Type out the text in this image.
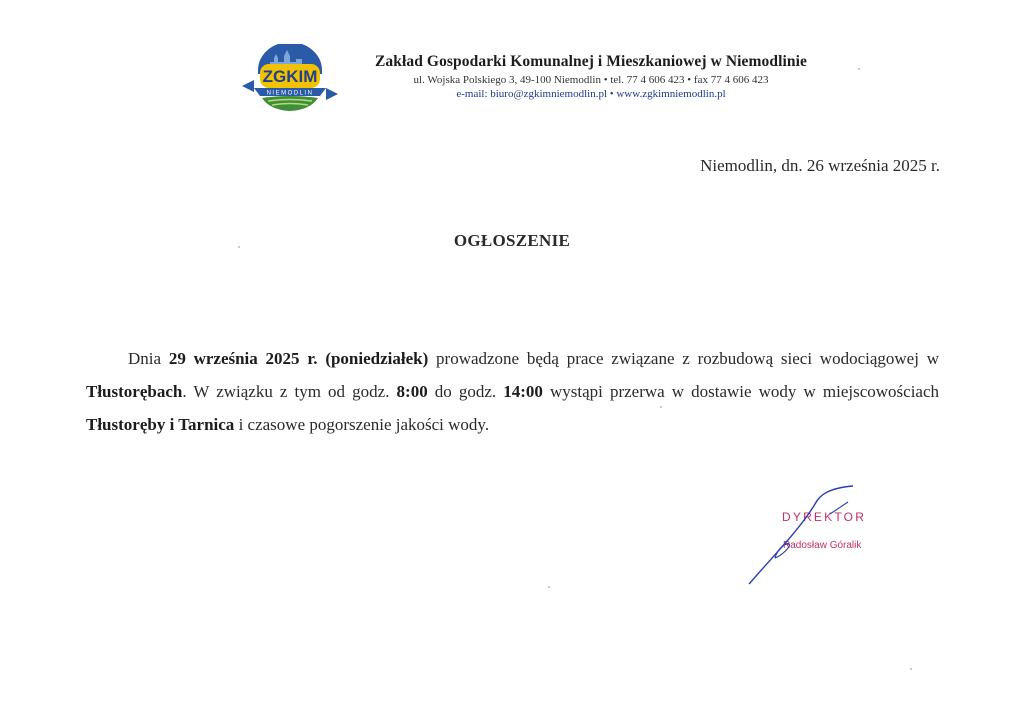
ZGKIM
NIEMODLIN
Zakład Gospodarki Komunalnej i Mieszkaniowej w Niemodlinie
ul. Wojska Polskiego 3, 49-100 Niemodlin • tel. 77 4 606 423 • fax 77 4 606 423
e-mail: biuro@zgkimniemodlin.pl • www.zgkimniemodlin.pl
Niemodlin, dn. 26 września 2025 r.
OGŁOSZENIE

Dnia 29 września 2025 r. (poniedziałek) prowadzone będą prace związane z rozbudową sieci wodociągowej w Tłustorębach. W związku z tym od godz. 8:00 do godz. 14:00 wystąpi przerwa w dostawie wody w miejscowościach

Tłustoręby i Tarnica i czasowe pogorszenie jakości wody.

DYREKTOR
Radosław Góralik
